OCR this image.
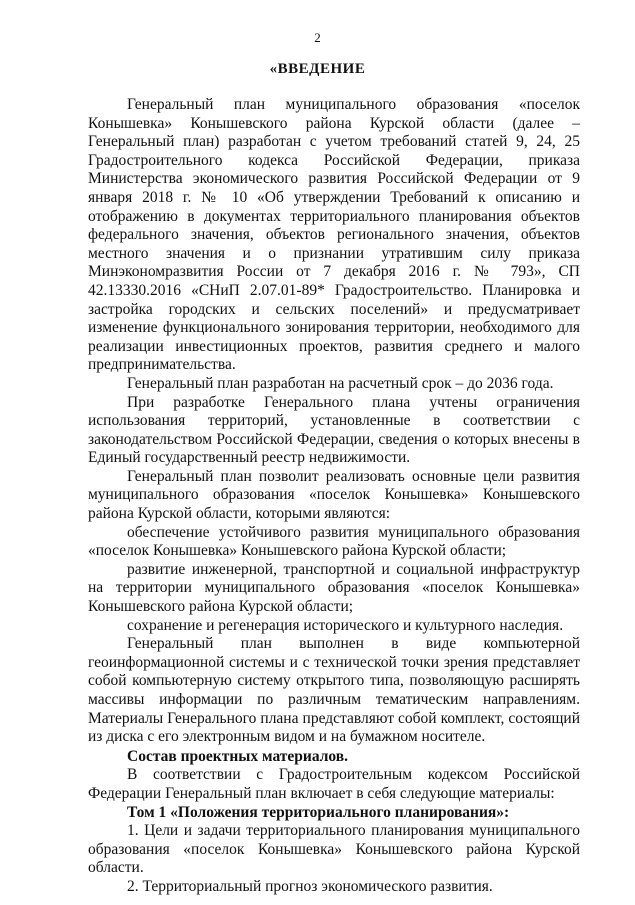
2
«ВВЕДЕНИЕ

Генеральный план муниципального образования «поселок Конышевка» Конышевского района Курской области (далее – Генеральный план) разработан с учетом требований статей 9, 24, 25 Градостроительного кодекса Российской Федерации, приказа Министерства экономического развития Российской Федерации от 9 января 2018 г. № 10 «Об утверждении Требований к описанию и отображению в документах территориального планирования объектов федерального значения, объектов регионального значения, объектов местного значения и о признании утратившим силу приказа Минэкономразвития России от 7 декабря 2016 г. № 793», СП 42.13330.2016 «СНиП 2.07.01-89* Градостроительство. Планировка и застройка городских и сельских поселений» и предусматривает изменение функционального зонирования территории, необходимого для реализации инвестиционных проектов, развития среднего и малого предпринимательства.

Генеральный план разработан на расчетный срок – до 2036 года.

При разработке Генерального плана учтены ограничения использования территорий, установленные в соответствии с законодательством Российской Федерации, сведения о которых внесены в Единый государственный реестр недвижимости.

Генеральный план позволит реализовать основные цели развития муниципального образования «поселок Конышевка» Конышевского района Курской области, которыми являются:

обеспечение устойчивого развития муниципального образования «поселок Конышевка» Конышевского района Курской области;

развитие инженерной, транспортной и социальной инфраструктур на территории муниципального образования «поселок Конышевка» Конышевского района Курской области;

сохранение и регенерация исторического и культурного наследия.

Генеральный план выполнен в виде компьютерной геоинформационной системы и с технической точки зрения представляет собой компьютерную систему открытого типа, позволяющую расширять массивы информации по различным тематическим направлениям. Материалы Генерального плана представляют собой комплект, состоящий из диска с его электронным видом и на бумажном носителе.

Состав проектных материалов.

В соответствии с Градостроительным кодексом Российской Федерации Генеральный план включает в себя следующие материалы:

Том 1 «Положения территориального планирования»:

1. Цели и задачи территориального планирования муниципального образования «поселок Конышевка» Конышевского района Курской области.

2. Территориальный прогноз экономического развития.
